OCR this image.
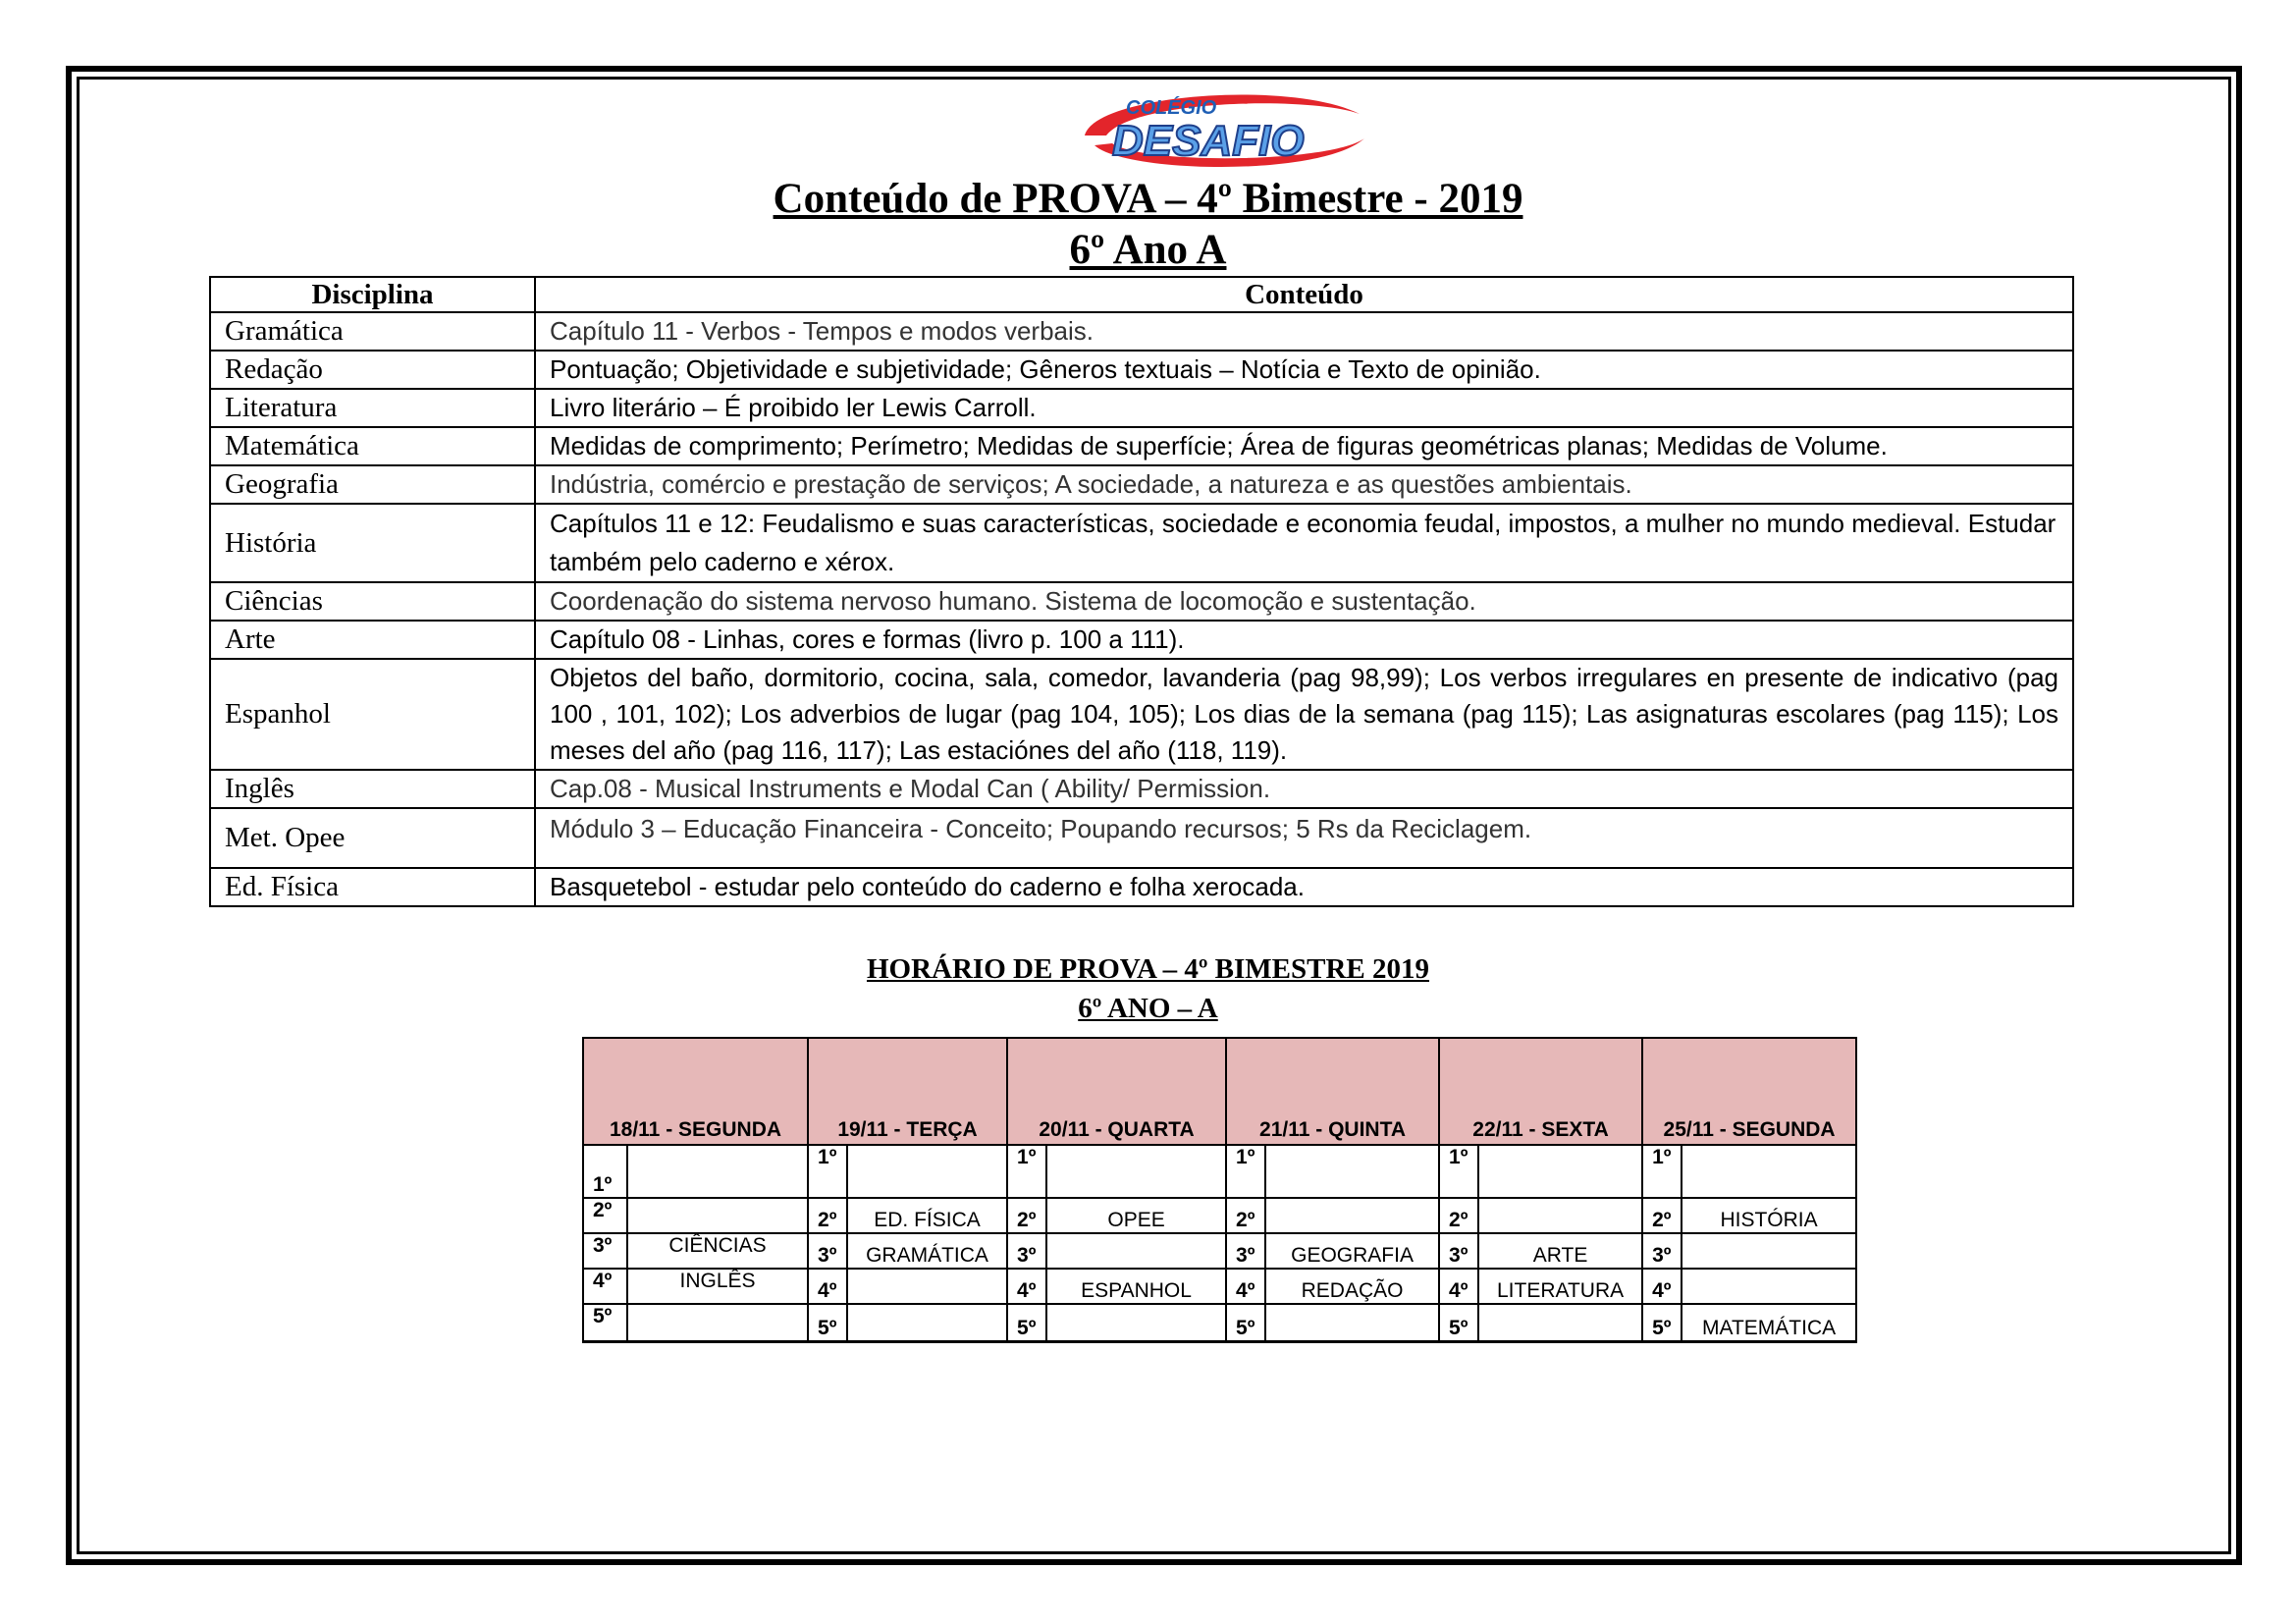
COLÉGIO
DESAFIO
Conteúdo de PROVA – 4º Bimestre - 2019
6º Ano A
Disciplina	Conteúdo
Gramática	Capítulo 11 - Verbos - Tempos e modos verbais.
Redação	Pontuação; Objetividade e subjetividade; Gêneros textuais – Notícia e Texto de opinião.
Literatura	Livro literário – É proibido ler Lewis Carroll.
Matemática	Medidas de comprimento; Perímetro; Medidas de superfície; Área de figuras geométricas planas; Medidas de Volume.
Geografia	Indústria, comércio e prestação de serviços; A sociedade, a natureza e as questões ambientais.
História	Capítulos 11 e 12: Feudalismo e suas características, sociedade e economia feudal, impostos, a mulher no mundo medieval. Estudar também pelo caderno e xérox.
Ciências	Coordenação do sistema nervoso humano. Sistema de locomoção e sustentação.
Arte	Capítulo 08 - Linhas, cores e formas (livro p. 100 a 111).
Espanhol	Objetos del baño, dormitorio, cocina, sala, comedor, lavanderia (pag 98,99); Los verbos irregulares en presente de indicativo (pag 100 , 101, 102); Los adverbios de lugar (pag 104, 105); Los dias de la semana (pag 115); Las asignaturas escolares (pag 115); Los meses del año (pag 116, 117); Las estaciónes del año (118, 119).
Inglês	Cap.08 - Musical Instruments e Modal Can ( Ability/ Permission.
Met. Opee	Módulo 3 – Educação Financeira - Conceito; Poupando recursos; 5 Rs da Reciclagem.
Ed. Física	Basquetebol - estudar pelo conteúdo do caderno e folha xerocada.
HORÁRIO DE PROVA – 4º BIMESTRE 2019
6º ANO – A
18/11 - SEGUNDA		19/11 - TERÇA		20/11 - QUARTA		21/11 - QUINTA		22/11 - SEXTA		25/11 - SEGUNDA	
1º		1º		1º		1º		1º		1º	
2º		2º	ED. FÍSICA	2º	OPEE	2º		2º		2º	HISTÓRIA
3º	CIÊNCIAS	3º	GRAMÁTICA	3º		3º	GEOGRAFIA	3º	ARTE	3º	
4º	INGLÊS	4º		4º	ESPANHOL	4º	REDAÇÃO	4º	LITERATURA	4º	
5º		5º		5º		5º		5º		5º	MATEMÁTICA
